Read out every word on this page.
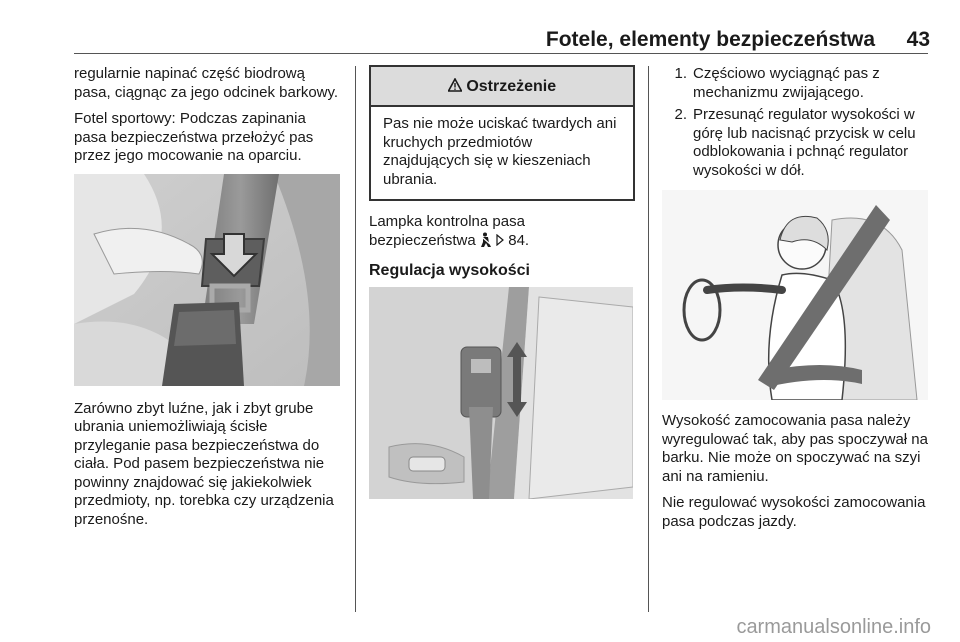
Fotele, elementy bezpieczeństwa	43

regularnie napinać część biodrową pasa, ciągnąc za jego odcinek barkowy.

Fotel sportowy: Podczas zapinania pasa bezpieczeństwa przełożyć pas przez jego mocowanie na oparciu.

Zarówno zbyt luźne, jak i zbyt grube ubrania uniemożliwiają ścisłe przyleganie pasa bezpieczeństwa do ciała. Pod pasem bezpieczeństwa nie powinny znajdować się jakiekolwiek przedmioty, np. torebka czy urządzenia przenośne.

Ostrzeżenie
Pas nie może uciskać twardych ani kruchych przedmiotów znajdujących się w kieszeniach ubrania.

Lampka kontrolna pasa bezpieczeństwa 84.

Regulacja wysokości
1. Częściowo wyciągnąć pas z mechanizmu zwijającego.
2. Przesunąć regulator wysokości w górę lub nacisnąć przycisk w celu odblokowania i pchnąć regulator wysokości w dół.

Wysokość zamocowania pasa należy wyregulować tak, aby pas spoczywał na barku. Nie może on spoczywać na szyi ani na ramieniu.

Nie regulować wysokości zamocowania pasa podczas jazdy.

carmanualsonline.info
